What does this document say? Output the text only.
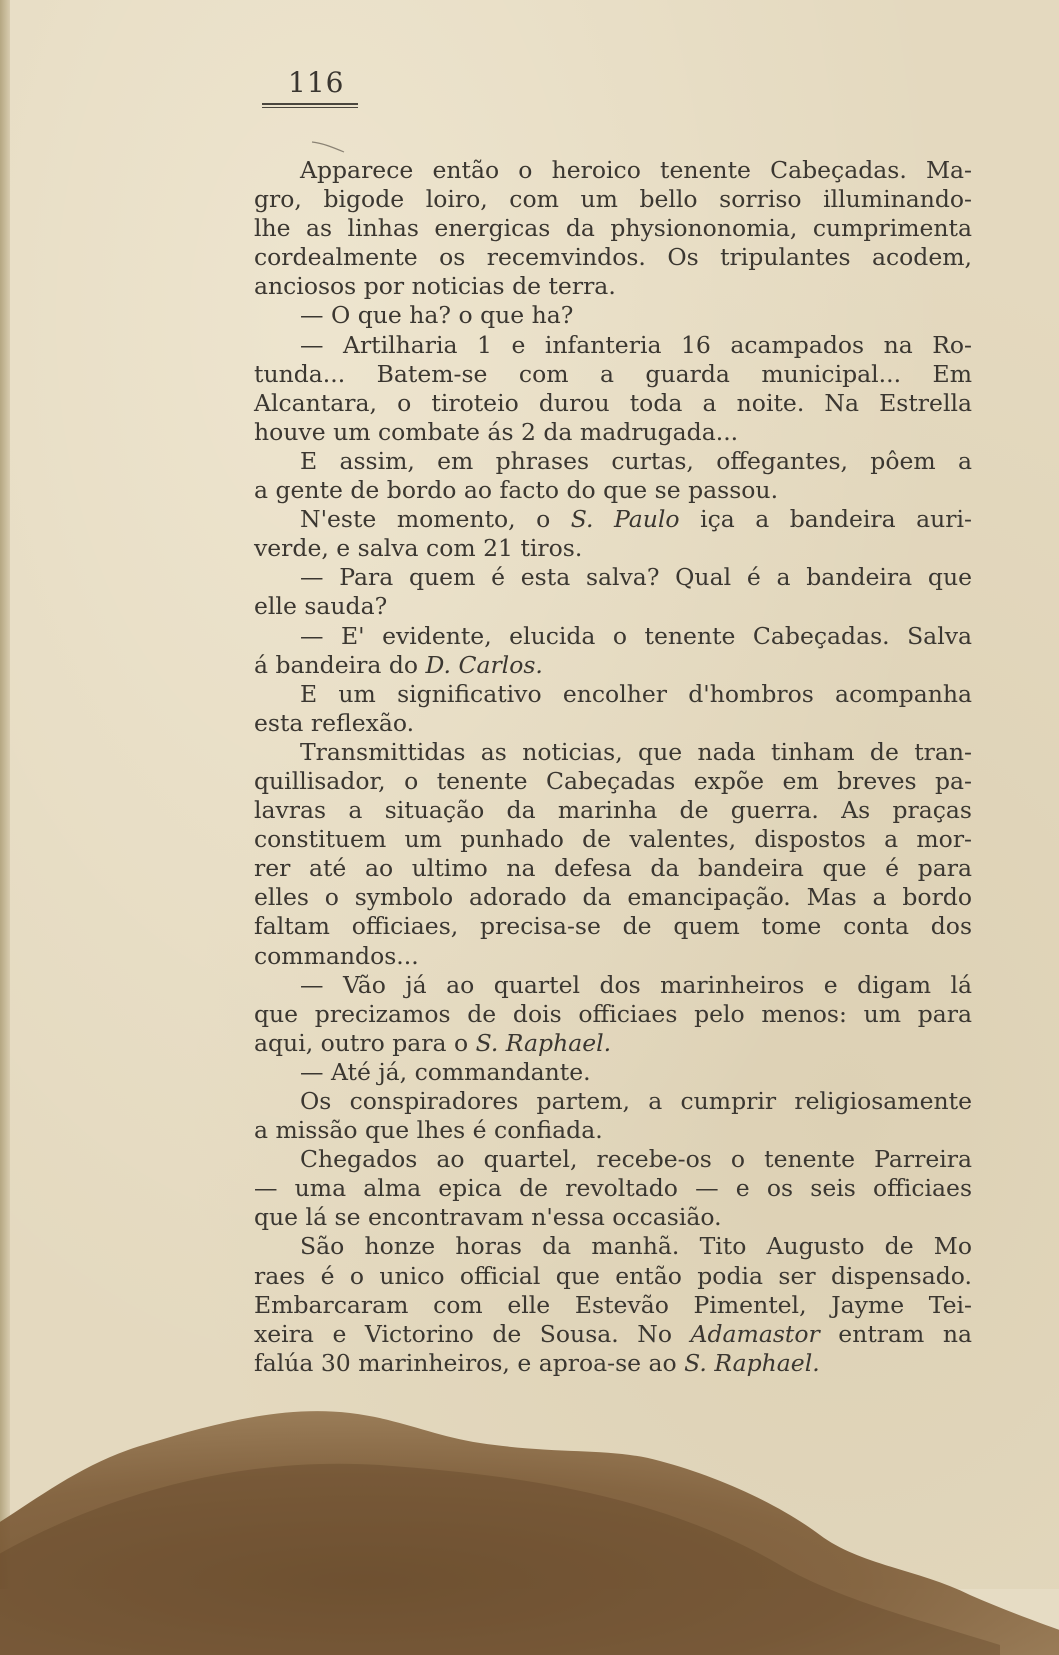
116
Apparece então o heroico tenente Cabeçadas. Ma-
gro, bigode loiro, com um bello sorriso illuminando-
lhe as linhas energicas da physiononomia, cumprimenta
cordealmente os recemvindos. Os tripulantes acodem,
anciosos por noticias de terra.
— O que ha? o que ha?
— Artilharia 1 e infanteria 16 acampados na Ro-
tunda... Batem-se com a guarda municipal... Em
Alcantara, o tiroteio durou toda a noite. Na Estrella
houve um combate ás 2 da madrugada...
E assim, em phrases curtas, offegantes, pôem a
a gente de bordo ao facto do que se passou.
N'este momento, o S. Paulo iça a bandeira auri-
verde, e salva com 21 tiros.
— Para quem é esta salva? Qual é a bandeira que
elle sauda?
— E' evidente, elucida o tenente Cabeçadas. Salva
á bandeira do D. Carlos.
E um significativo encolher d'hombros acompanha
esta reflexão.
Transmittidas as noticias, que nada tinham de tran-
quillisador, o tenente Cabeçadas expõe em breves pa-
lavras a situação da marinha de guerra. As praças
constituem um punhado de valentes, dispostos a mor-
rer até ao ultimo na defesa da bandeira que é para
elles o symbolo adorado da emancipação. Mas a bordo
faltam officiaes, precisa-se de quem tome conta dos
commandos...
— Vão já ao quartel dos marinheiros e digam lá
que precizamos de dois officiaes pelo menos: um para
aqui, outro para o S. Raphael.
— Até já, commandante.
Os conspiradores partem, a cumprir religiosamente
a missão que lhes é confiada.
Chegados ao quartel, recebe-os o tenente Parreira
— uma alma epica de revoltado — e os seis officiaes
que lá se encontravam n'essa occasião.
São honze horas da manhã. Tito Augusto de Mo
raes é o unico official que então podia ser dispensado.
Embarcaram com elle Estevão Pimentel, Jayme Tei-
xeira e Victorino de Sousa. No Adamastor entram na
falúa 30 marinheiros, e aproa-se ao S. Raphael.
